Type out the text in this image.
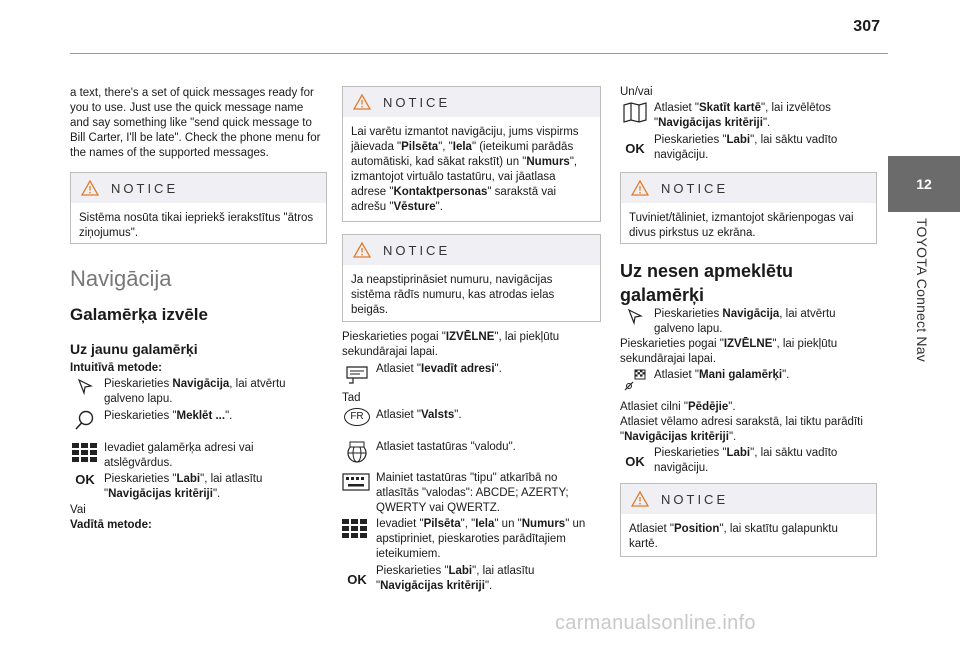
307
12
TOYOTA Connect Nav

a text, there's a set of quick messages ready for you to use. Just use the quick message name and say something like "send quick message to Bill Carter, I'll be late". Check the phone menu for the names of the supported messages.

NOTICE
Sistēma nosūta tikai iepriekš ierakstītus "ātros ziņojumus".
Navigācija
Galamērķa izvēle
Uz jaunu galamērķi
Intuitīvā metode:
Pieskarieties Navigācija, lai atvērtu galveno lapu.
Pieskarieties "Meklēt ...".
Ievadiet galamērķa adresi vai atslēgvārdus.
OK Pieskarieties "Labi", lai atlasītu "Navigācijas kritēriji".
Vai
Vadītā metode:
NOTICE
Lai varētu izmantot navigāciju, jums vispirms jāievada "Pilsēta", "Iela" (ieteikumi parādās automātiski, kad sākat rakstīt) un "Numurs", izmantojot virtuālo tastatūru, vai jāatlasa adrese "Kontaktpersonas" sarakstā vai adrešu "Vēsture".
NOTICE
Ja neapstiprināsiet numuru, navigācijas sistēma rādīs numuru, kas atrodas ielas beigās.

Pieskarieties pogai "IZVĒLNE", lai piekļūtu sekundārajai lapai.

Atlasiet "Ievadīt adresi".
Tad
FR	Atlasiet "Valsts".
Atlasiet tastatūras "valodu".

Mainiet tastatūras "tipu" atkarībā no atlasītās "valodas": ABCDE; AZERTY; QWERTY vai QWERTZ.

Ievadiet "Pilsēta", "Iela" un "Numurs" un apstipriniet, pieskaroties parādītajiem ieteikumiem.

OK
Pieskarieties "Labi", lai atlasītu "Navigācijas kritēriji".
Un/vai
Atlasiet "Skatīt kartē", lai izvēlētos "Navigācijas kritēriji".
OK
Pieskarieties "Labi", lai sāktu vadīto navigāciju.
NOTICE
Tuviniet/tāliniet, izmantojot skārienpogas vai divus pirkstus uz ekrāna.
Uz nesen apmeklētu galamērķi
Pieskarieties Navigācija, lai atvērtu galveno lapu.

Pieskarieties pogai "IZVĒLNE", lai piekļūtu sekundārajai lapai.

Atlasiet "Mani galamērķi".

Atlasiet cilni "Pēdējie".

Atlasiet vēlamo adresi sarakstā, lai tiktu parādīti "Navigācijas kritēriji".

OK
Pieskarieties "Labi", lai sāktu vadīto navigāciju.
NOTICE
Atlasiet "Position", lai skatītu galapunktu kartē.
carmanualsonline.info
